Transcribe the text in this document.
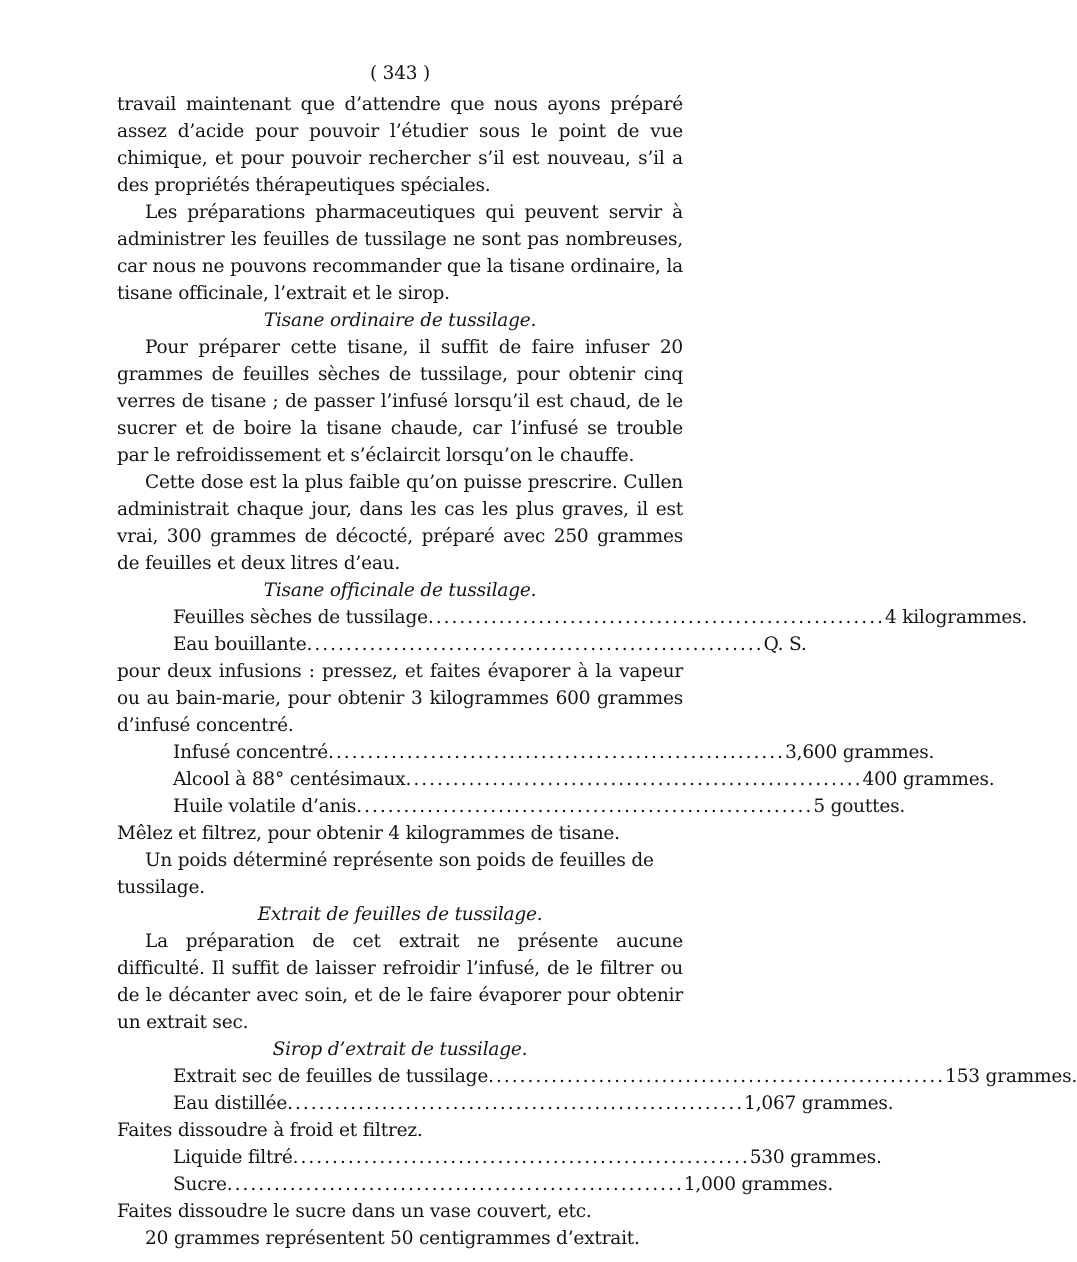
( 343 )

travail maintenant que d’attendre que nous ayons préparé assez d’acide pour pouvoir l’étudier sous le point de vue chimique, et pour pouvoir rechercher s’il est nouveau, s’il a des propriétés thérapeutiques spéciales.

Les préparations pharmaceutiques qui peuvent servir à administrer les feuilles de tussilage ne sont pas nombreuses, car nous ne pouvons recommander que la tisane ordinaire, la tisane officinale, l’extrait et le sirop.

Tisane ordinaire de tussilage.

Pour préparer cette tisane, il suffit de faire infuser 20 grammes de feuilles sèches de tussilage, pour obtenir cinq verres de tisane ; de passer l’infusé lorsqu’il est chaud, de le sucrer et de boire la tisane chaude, car l’infusé se trouble par le refroidissement et s’éclaircit lorsqu’on le chauffe.

Cette dose est la plus faible qu’on puisse prescrire. Cullen administrait chaque jour, dans les cas les plus graves, il est vrai, 300 grammes de décocté, préparé avec 250 grammes de feuilles et deux litres d’eau.

Tisane officinale de tussilage.
Feuilles sèches de tussilage .......................................................... 4 kilogrammes.
Eau bouillante .......................................................... Q. S.

pour deux infusions : pressez, et faites évaporer à la vapeur ou au bain-marie, pour obtenir 3 kilogrammes 600 grammes d’infusé concentré.

Infusé concentré .......................................................... 3,600 grammes.
Alcool à 88° centésimaux .......................................................... 400 grammes.
Huile volatile d’anis .......................................................... 5 gouttes.

Mêlez et filtrez, pour obtenir 4 kilogrammes de tisane.

Un poids déterminé représente son poids de feuilles de tussilage.

Extrait de feuilles de tussilage.

La préparation de cet extrait ne présente aucune difficulté. Il suffit de laisser refroidir l’infusé, de le filtrer ou de le décanter avec soin, et de le faire évaporer pour obtenir un extrait sec.

Sirop d’extrait de tussilage.
Extrait sec de feuilles de tussilage .......................................................... 153 grammes.
Eau distillée .......................................................... 1,067 grammes.

Faites dissoudre à froid et filtrez.

Liquide filtré .......................................................... 530 grammes.
Sucre .......................................................... 1,000 grammes.

Faites dissoudre le sucre dans un vase couvert, etc.

20 grammes représentent 50 centigrammes d’extrait.
